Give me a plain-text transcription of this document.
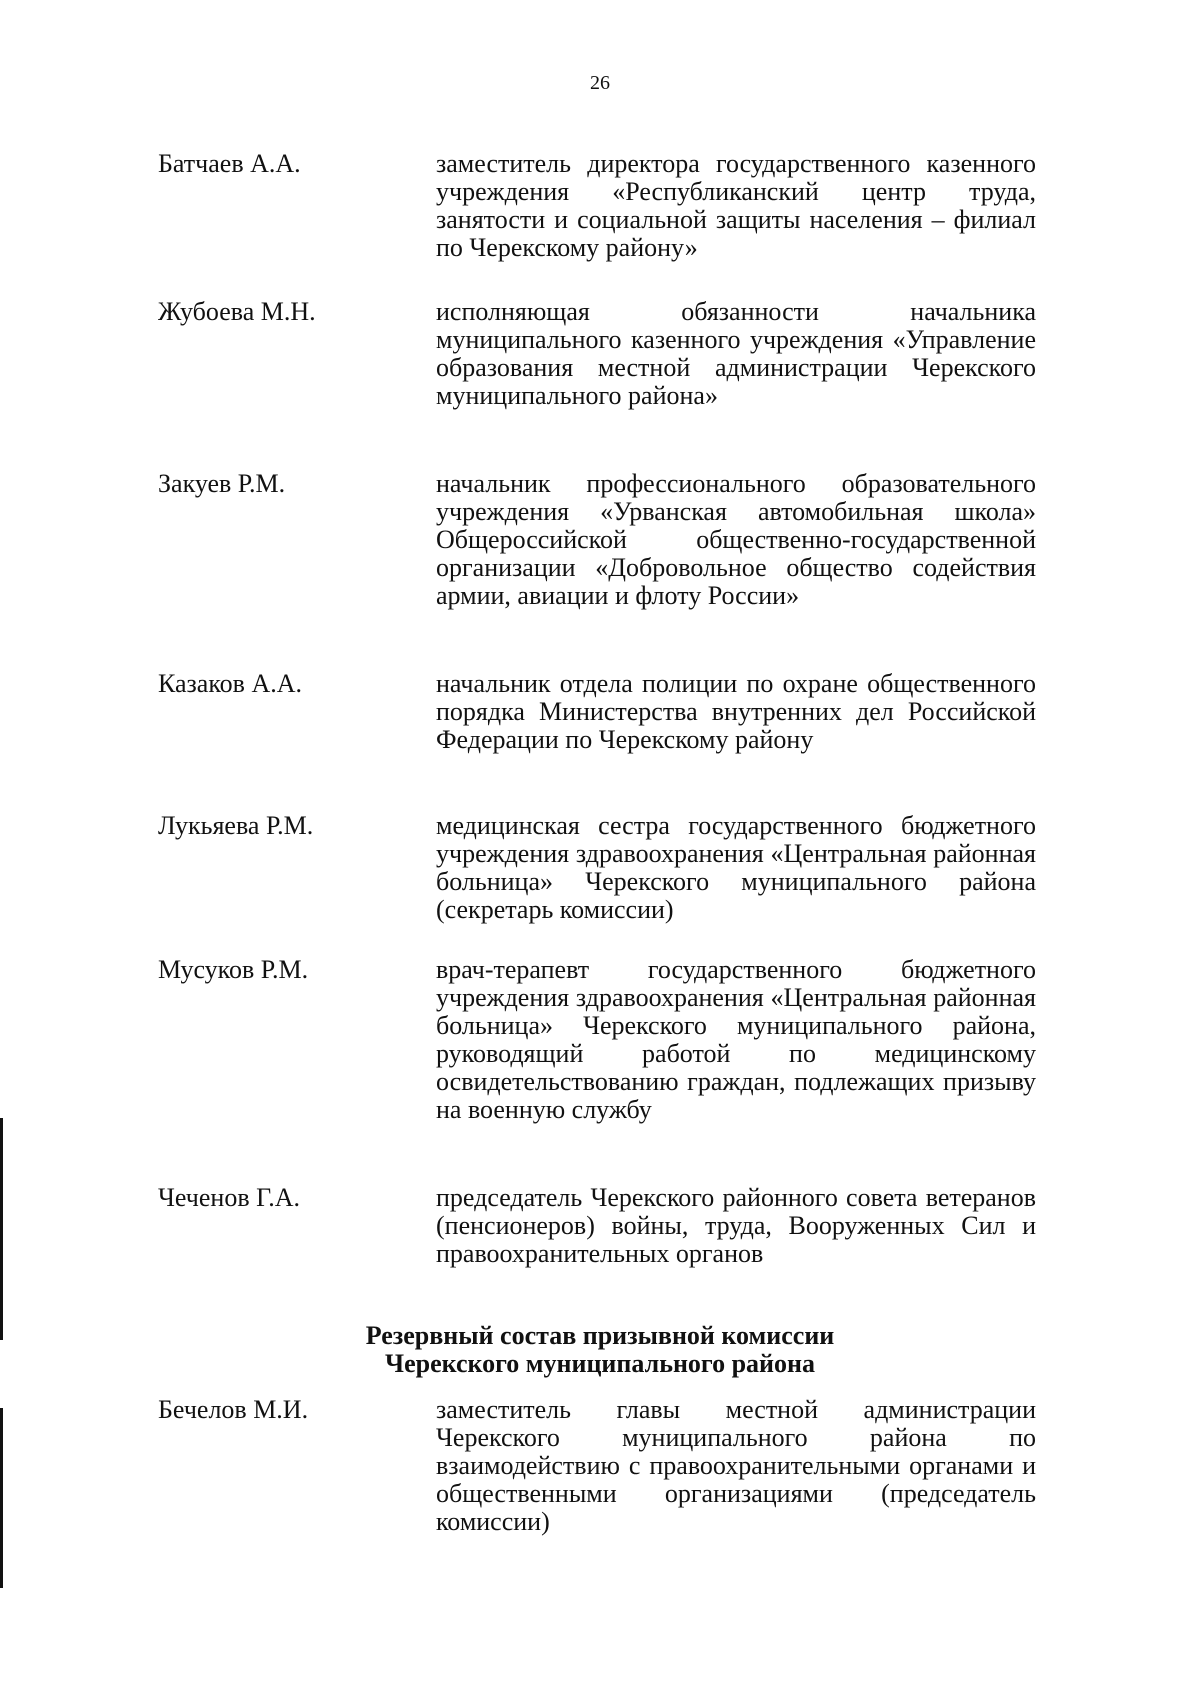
26
Батчаев А.А.	заместитель директора государственного казенного учреждения «Республиканский центр труда, занятости и социальной защиты населения – филиал по Черекскому району»
Жубоева М.Н.	исполняющая обязанности начальника муниципального казенного учреждения «Управление образования местной администрации Черекского муниципального района»
Закуев Р.М.	начальник профессионального образовательного учреждения «Урванская автомобильная школа» Общероссийской общественно-государственной организации «Добровольное общество содействия армии, авиации и флоту России»
Казаков А.А.	начальник отдела полиции по охране общественного порядка Министерства внутренних дел Российской Федерации по Черекскому району
Лукьяева Р.М.	медицинская сестра государственного бюджетного учреждения здравоохранения «Центральная районная больница» Черекского муниципального района (секретарь комиссии)
Мусуков Р.М.	врач-терапевт государственного бюджетного учреждения здравоохранения «Центральная районная больница» Черекского муниципального района, руководящий работой по медицинскому освидетельствованию граждан, подлежащих призыву на военную службу
Чеченов Г.А.	председатель Черекского районного совета ветеранов (пенсионеров) войны, труда, Вооруженных Сил и правоохранительных органов
Резервный состав призывной комиссии
Черекского муниципального района
Бечелов М.И.	заместитель главы местной администрации Черекского муниципального района по взаимодействию с правоохранительными органами и общественными организациями (председатель комиссии)
